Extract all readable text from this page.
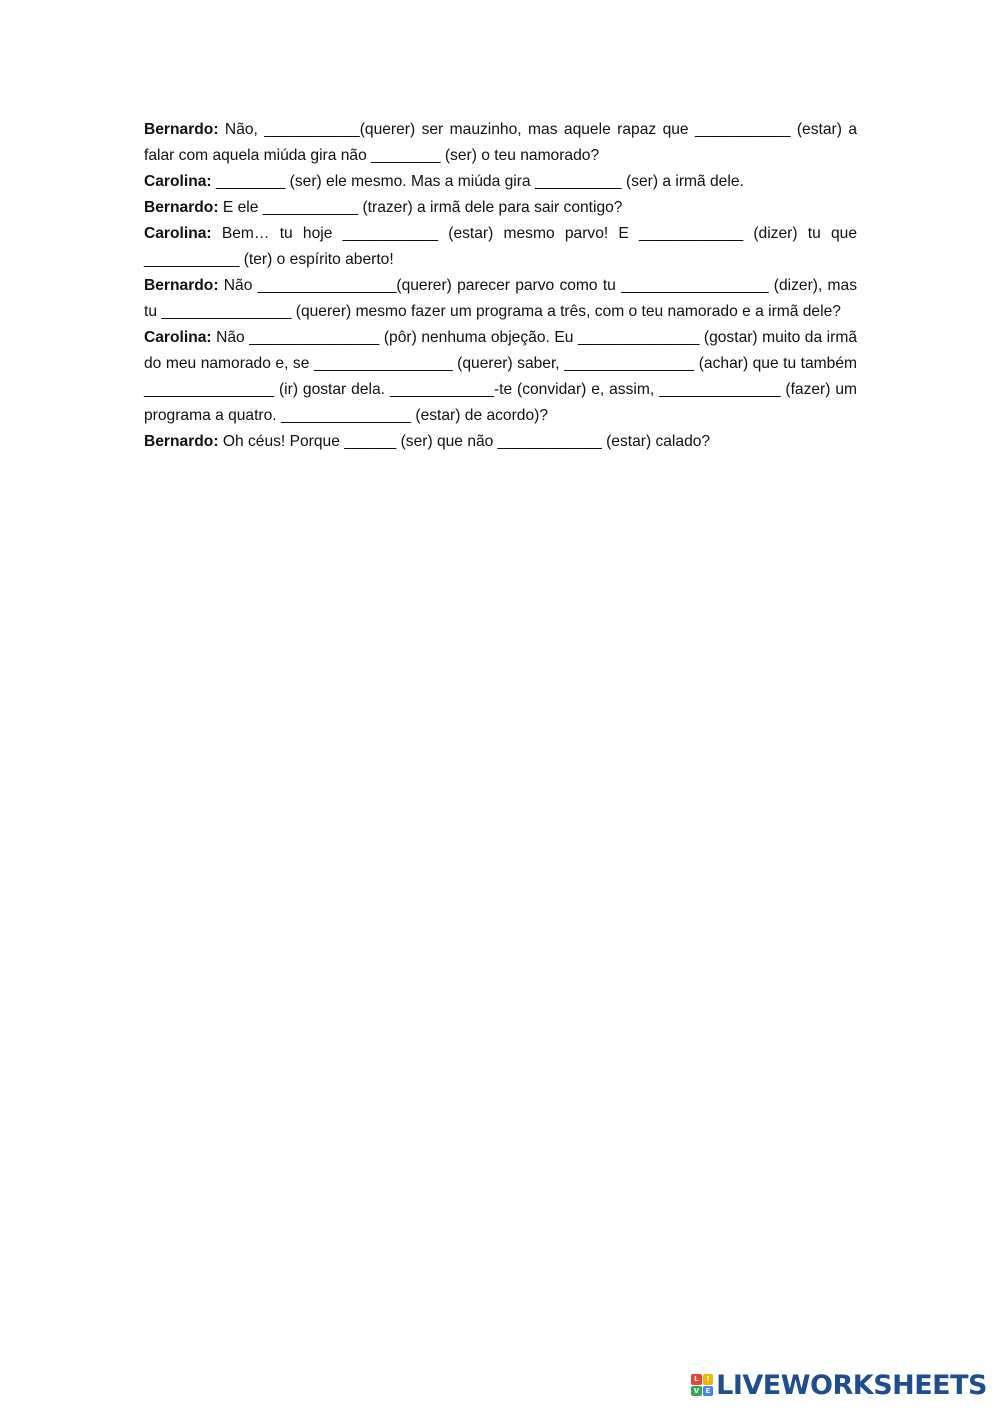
Bernardo: Não, ___________(querer) ser mauzinho, mas aquele rapaz que ___________ (estar) a falar com aquela miúda gira não ________ (ser) o teu namorado?

Carolina: ________ (ser) ele mesmo. Mas a miúda gira __________ (ser) a irmã dele.

Bernardo: E ele ___________ (trazer) a irmã dele para sair contigo?

Carolina: Bem… tu hoje ___________ (estar) mesmo parvo! E ____________ (dizer) tu que ___________ (ter) o espírito aberto!

Bernardo: Não ________________(querer) parecer parvo como tu _________________ (dizer), mas tu _______________ (querer) mesmo fazer um programa a três, com o teu namorado e a irmã dele?

Carolina: Não _______________ (pôr) nenhuma objeção. Eu ______________ (gostar) muito da irmã do meu namorado e, se ________________ (querer) saber, _______________ (achar) que tu também _______________ (ir) gostar dela. ____________-te (convidar) e, assim, ______________ (fazer) um programa a quatro. _______________ (estar) de acordo)?

Bernardo: Oh céus! Porque ______ (ser) que não ____________ (estar) calado?

L	I
V E LIVEWORKSHEETS
